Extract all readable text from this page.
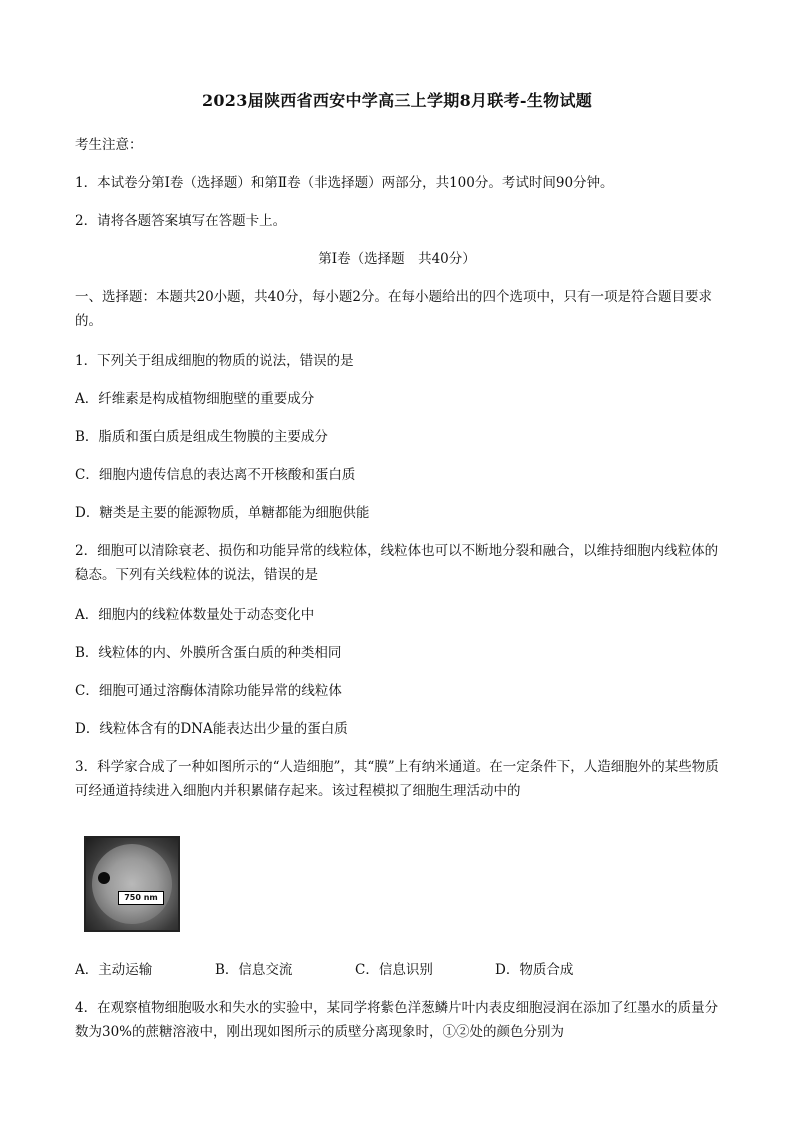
2023届陕西省西安中学高三上学期8月联考-生物试题
考生注意：
1．本试卷分第Ⅰ卷（选择题）和第Ⅱ卷（非选择题）两部分，共100分。考试时间90分钟。
2．请将各题答案填写在答题卡上。
第Ⅰ卷（选择题　共40分）
一、选择题：本题共20小题，共40分，每小题2分。在每小题给出的四个选项中，只有一项是符合题目要求的。
1．下列关于组成细胞的物质的说法，错误的是
A．纤维素是构成植物细胞壁的重要成分
B．脂质和蛋白质是组成生物膜的主要成分
C．细胞内遗传信息的表达离不开核酸和蛋白质
D．糖类是主要的能源物质，单糖都能为细胞供能
2．细胞可以清除衰老、损伤和功能异常的线粒体，线粒体也可以不断地分裂和融合，以维持细胞内线粒体的稳态。下列有关线粒体的说法，错误的是
A．细胞内的线粒体数量处于动态变化中
B．线粒体的内、外膜所含蛋白质的种类相同
C．细胞可通过溶酶体清除功能异常的线粒体
D．线粒体含有的DNA能表达出少量的蛋白质
3．科学家合成了一种如图所示的“人造细胞”，其“膜”上有纳米通道。在一定条件下，人造细胞外的某些物质可经通道持续进入细胞内并积累储存起来。该过程模拟了细胞生理活动中的
750 nm
A．主动运输	B．信息交流	C．信息识别	D．物质合成
4．在观察植物细胞吸水和失水的实验中，某同学将紫色洋葱鳞片叶内表皮细胞浸润在添加了红墨水的质量分数为30%的蔗糖溶液中，刚出现如图所示的质壁分离现象时，①②处的颜色分别为
